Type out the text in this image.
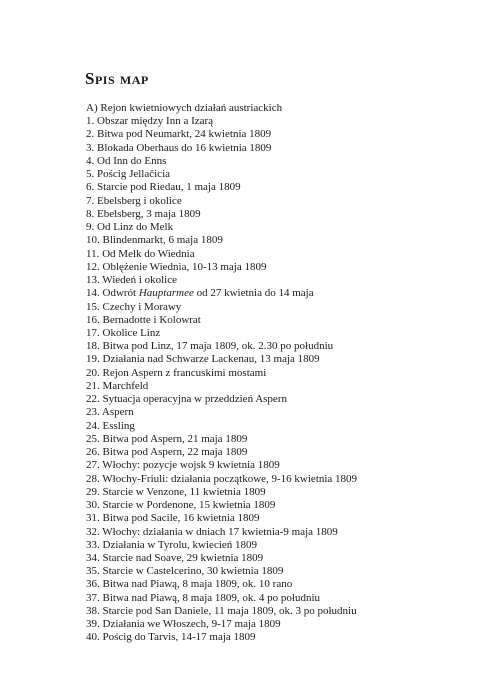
Spis map
A) Rejon kwietniowych działań austriackich
1. Obszar między Inn a Izarą
2. Bitwa pod Neumarkt, 24 kwietnia 1809
3. Blokada Oberhaus do 16 kwietnia 1809
4. Od Inn do Enns
5. Pościg Jellačicia
6. Starcie pod Riedau, 1 maja 1809
7. Ebelsberg i okolice
8. Ebelsberg, 3 maja 1809
9. Od Linz do Melk
10. Blindenmarkt, 6 maja 1809
11. Od Melk do Wiednia
12. Oblężenie Wiednia, 10-13 maja 1809
13. Wiedeń i okolice
14. Odwrót Hauptarmee od 27 kwietnia do 14 maja
15. Czechy i Morawy
16. Bernadotte i Kolowrat
17. Okolice Linz
18. Bitwa pod Linz, 17 maja 1809, ok. 2.30 po południu
19. Działania nad Schwarze Lackenau, 13 maja 1809
20. Rejon Aspern z francuskimi mostami
21. Marchfeld
22. Sytuacja operacyjna w przeddzień Aspern
23. Aspern
24. Essling
25. Bitwa pod Aspern, 21 maja 1809
26. Bitwa pod Aspern, 22 maja 1809
27. Włochy: pozycje wojsk 9 kwietnia 1809
28. Włochy-Friuli: działania początkowe, 9-16 kwietnia 1809
29. Starcie w Venzone, 11 kwietnia 1809
30. Starcie w Pordenone, 15 kwietnia 1809
31. Bitwa pod Sacile, 16 kwietnia 1809
32. Włochy: działania w dniach 17 kwietnia-9 maja 1809
33. Działania w Tyrolu, kwiecień 1809
34. Starcie nad Soave, 29 kwietnia 1809
35. Starcie w Castelcerino, 30 kwietnia 1809
36. Bitwa nad Piawą, 8 maja 1809, ok. 10 rano
37. Bitwa nad Piawą, 8 maja 1809, ok. 4 po południu
38. Starcie pod San Daniele, 11 maja 1809, ok. 3 po południu
39. Działania we Włoszech, 9-17 maja 1809
40. Pościg do Tarvis, 14-17 maja 1809
